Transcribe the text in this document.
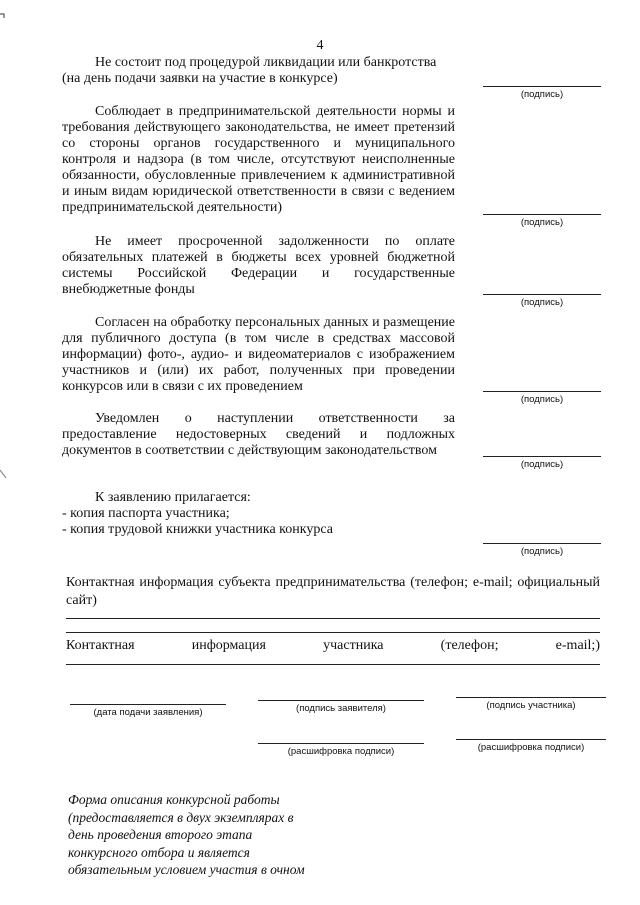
4
Не состоит под процедурой ликвидации или банкротства
(на день подачи заявки на участие в конкурсе)
(подпись)
Соблюдает в предпринимательской деятельности нормы и
требования действующего законодательства, не имеет претензий
со стороны органов государственного и муниципального
контроля и надзора (в том числе, отсутствуют неисполненные
обязанности, обусловленные привлечением к административной
и иным видам юридической ответственности в связи с ведением
предпринимательской деятельности)
(подпись)
Не имеет просроченной задолженности по оплате
обязательных платежей в бюджеты всех уровней бюджетной
системы Российской Федерации и государственные
внебюджетные фонды
(подпись)
Согласен на обработку персональных данных и размещение
для публичного доступа (в том числе в средствах массовой
информации) фото-, аудио- и видеоматериалов с изображением
участников и (или) их работ, полученных при проведении
конкурсов или в связи с их проведением
(подпись)
Уведомлен о наступлении ответственности за
предоставление недостоверных сведений и подложных
документов в соответствии с действующим законодательством
(подпись)
К заявлению прилагается:
- копия паспорта участника;
- копия трудовой книжки участника конкурса
(подпись)
Контактная информация субъекта предпринимательства (телефон; e-mail; официальный
сайт)
Контактная	информация	участника	(телефон;	e-mail;)
(дата подачи заявления)	(подпись заявителя)	(подпись участника)
(расшифровка подписи)	(расшифровка подписи)
Форма описания конкурсной работы
(предоставляется в двух экземплярах в
день проведения второго этапа
конкурсного отбора и является
обязательным условием участия в очном
